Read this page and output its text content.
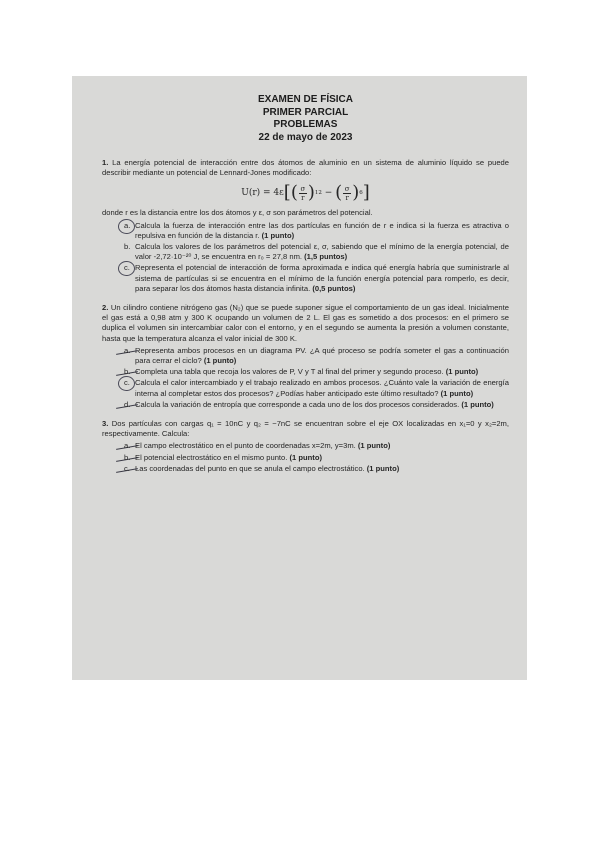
EXAMEN DE FÍSICA
PRIMER PARCIAL
PROBLEMAS
22 de mayo de 2023
1. La energía potencial de interacción entre dos átomos de aluminio en un sistema de aluminio líquido se puede describir mediante un potencial de Lennard-Jones modificado:
U(r) = 4ε [ ( $\frac{\sigma}{r}$ ) 12 − ( $\frac{\sigma}{r}$ ) 6 ]
donde r es la distancia entre los dos átomos y ε, σ son parámetros del potencial.
a. Calcula la fuerza de interacción entre las dos partículas en función de r e indica si la fuerza es atractiva o repulsiva en función de la distancia r. (1 punto)
b. Calcula los valores de los parámetros del potencial ε, σ, sabiendo que el mínimo de la energía potencial, de valor -2,72·10⁻²⁰ J, se encuentra en r₀ = 27,8 nm. (1,5 puntos)
c. Representa el potencial de interacción de forma aproximada e indica qué energía habría que suministrarle al sistema de partículas si se encuentra en el mínimo de la función energía potencial para romperlo, es decir, para separar los dos átomos hasta distancia infinita. (0,5 puntos)
2. Un cilindro contiene nitrógeno gas (N₂) que se puede suponer sigue el comportamiento de un gas ideal. Inicialmente el gas está a 0,98 atm y 300 K ocupando un volumen de 2 L. El gas es sometido a dos procesos: en el primero se duplica el volumen sin intercambiar calor con el entorno, y en el segundo se aumenta la presión a volumen constante, hasta que la temperatura alcanza el valor inicial de 300 K.
a. Representa ambos procesos en un diagrama PV. ¿A qué proceso se podría someter el gas a continuación para cerrar el ciclo? (1 punto)
b. Completa una tabla que recoja los valores de P, V y T al final del primer y segundo proceso. (1 punto)
c. Calcula el calor intercambiado y el trabajo realizado en ambos procesos. ¿Cuánto vale la variación de energía interna al completar estos dos procesos? ¿Podías haber anticipado este último resultado? (1 punto)
d. Calcula la variación de entropía que corresponde a cada uno de los dos procesos considerados. (1 punto)
3. Dos partículas con cargas q₁ = 10nC y q₂ = −7nC se encuentran sobre el eje OX localizadas en x₁=0 y x₂=2m, respectivamente. Calcula:
a. El campo electrostático en el punto de coordenadas x=2m, y=3m. (1 punto)
b. El potencial electrostático en el mismo punto. (1 punto)
c. Las coordenadas del punto en que se anula el campo electrostático. (1 punto)
